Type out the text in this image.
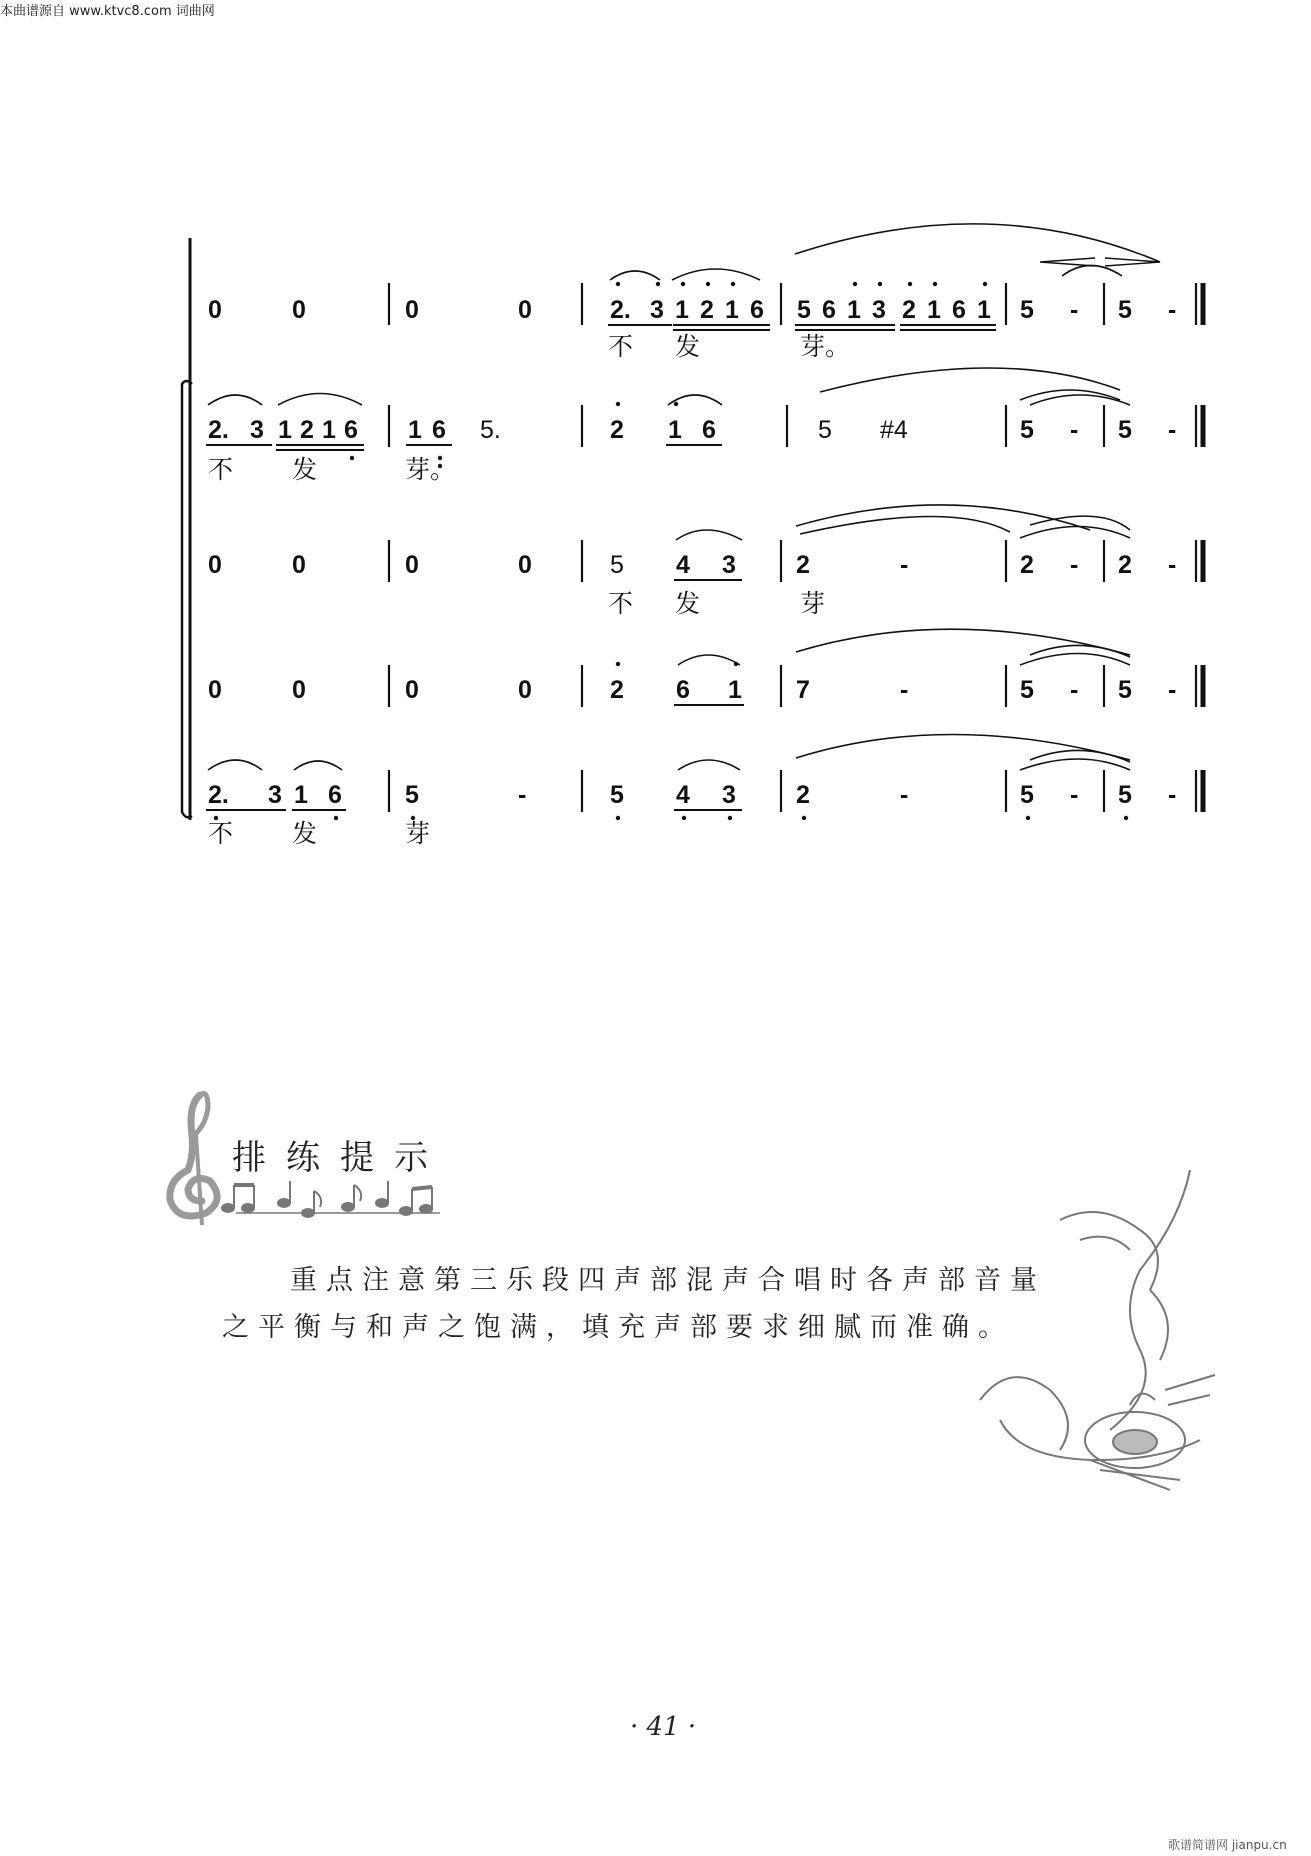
本曲谱源自 www.ktvc8.com 词曲网
0	0	0	0	2. 3 1 2 1 6 5 6 1 3 2 1 6 1 5 - 5 -
不 发	芽。
2. 3 1 2 1 6 1 6 5.	2 1 6	5 #4	5 - 5 -
不 发	芽。
0	0	0	0	5 4 3 2	-	2 - 2 -
不 发	芽
0	0	0	0	2 6 1 7	-	5 - 5 -
2. 3 1 6	5	-	5 4 3 2	-	5 - 5 -
不 发	芽
排练提示
重点注意第三乐段四声部混声合唱时各声部音量
之平衡与和声之饱满，填充声部要求细腻而准确。
· 41 ·
歌谱简谱网 jianpu.cn
